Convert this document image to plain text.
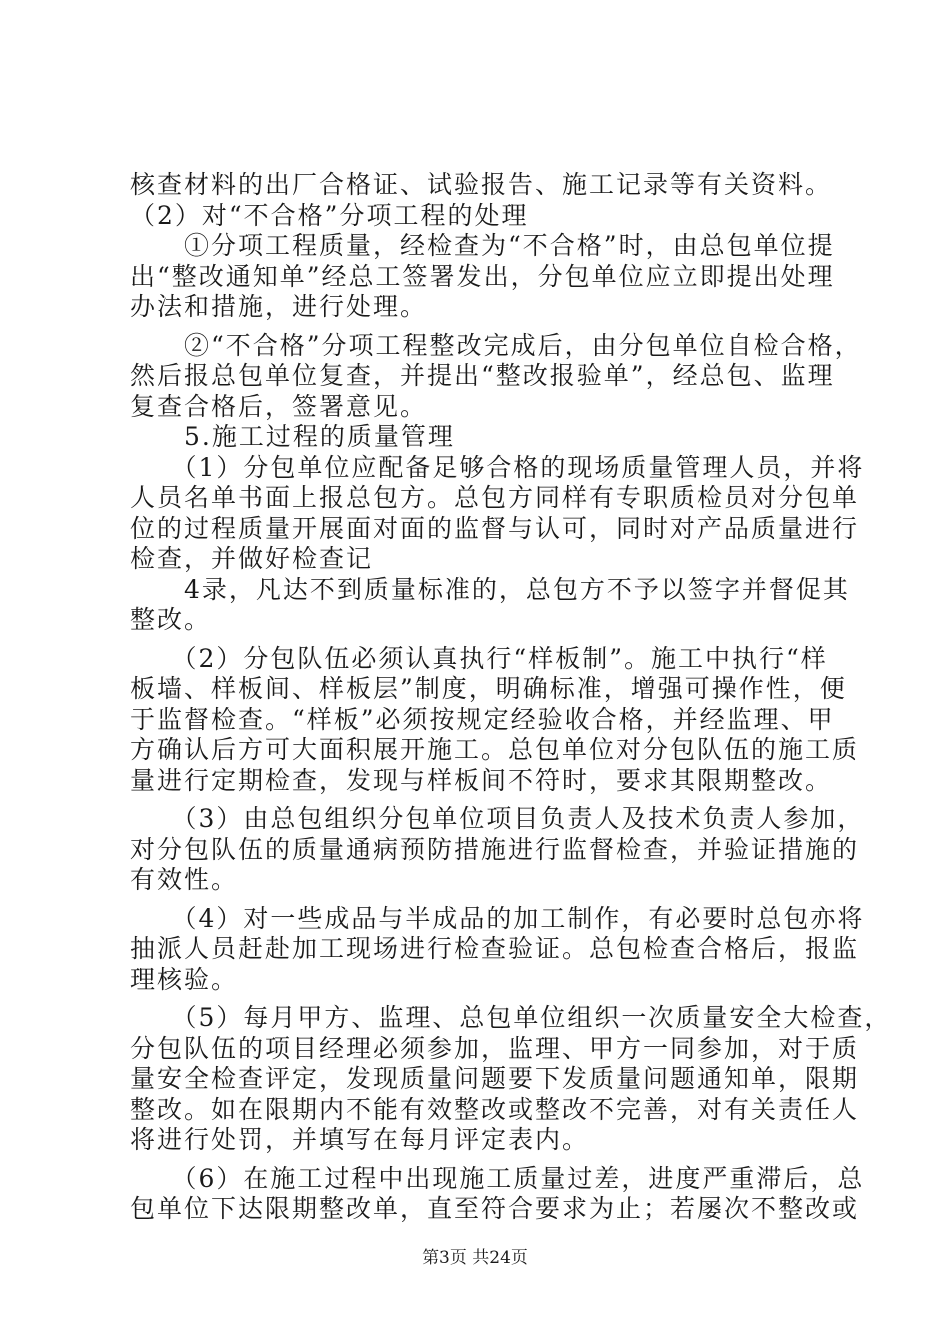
核查材料的出厂合格证、试验报告、施工记录等有关资料。
（2）对“不合格”分项工程的处理
　　①分项工程质量，经检查为“不合格”时，由总包单位提
出“整改通知单”经总工签署发出，分包单位应立即提出处理
办法和措施，进行处理。
　　②“不合格”分项工程整改完成后，由分包单位自检合格，
然后报总包单位复查，并提出“整改报验单”，经总包、监理
复查合格后，签署意见。
　　5.施工过程的质量管理
　　（1）分包单位应配备足够合格的现场质量管理人员，并将
人员名单书面上报总包方。总包方同样有专职质检员对分包单
位的过程质量开展面对面的监督与认可，同时对产品质量进行
检查，并做好检查记
　　4录，凡达不到质量标准的，总包方不予以签字并督促其
整改。
　　（2）分包队伍必须认真执行“样板制”。施工中执行“样
板墙、样板间、样板层”制度，明确标准，增强可操作性，便
于监督检查。“样板”必须按规定经验收合格，并经监理、甲
方确认后方可大面积展开施工。总包单位对分包队伍的施工质
量进行定期检查，发现与样板间不符时，要求其限期整改。
　　（3）由总包组织分包单位项目负责人及技术负责人参加，
对分包队伍的质量通病预防措施进行监督检查，并验证措施的
有效性。
　　（4）对一些成品与半成品的加工制作，有必要时总包亦将
抽派人员赶赴加工现场进行检查验证。总包检查合格后，报监
理核验。
　　（5）每月甲方、监理、总包单位组织一次质量安全大检查，
分包队伍的项目经理必须参加，监理、甲方一同参加，对于质
量安全检查评定，发现质量问题要下发质量问题通知单，限期
整改。如在限期内不能有效整改或整改不完善，对有关责任人
将进行处罚，并填写在每月评定表内。
　　（6）在施工过程中出现施工质量过差，进度严重滞后，总
包单位下达限期整改单，直至符合要求为止；若屡次不整改或
第3页 共24页
